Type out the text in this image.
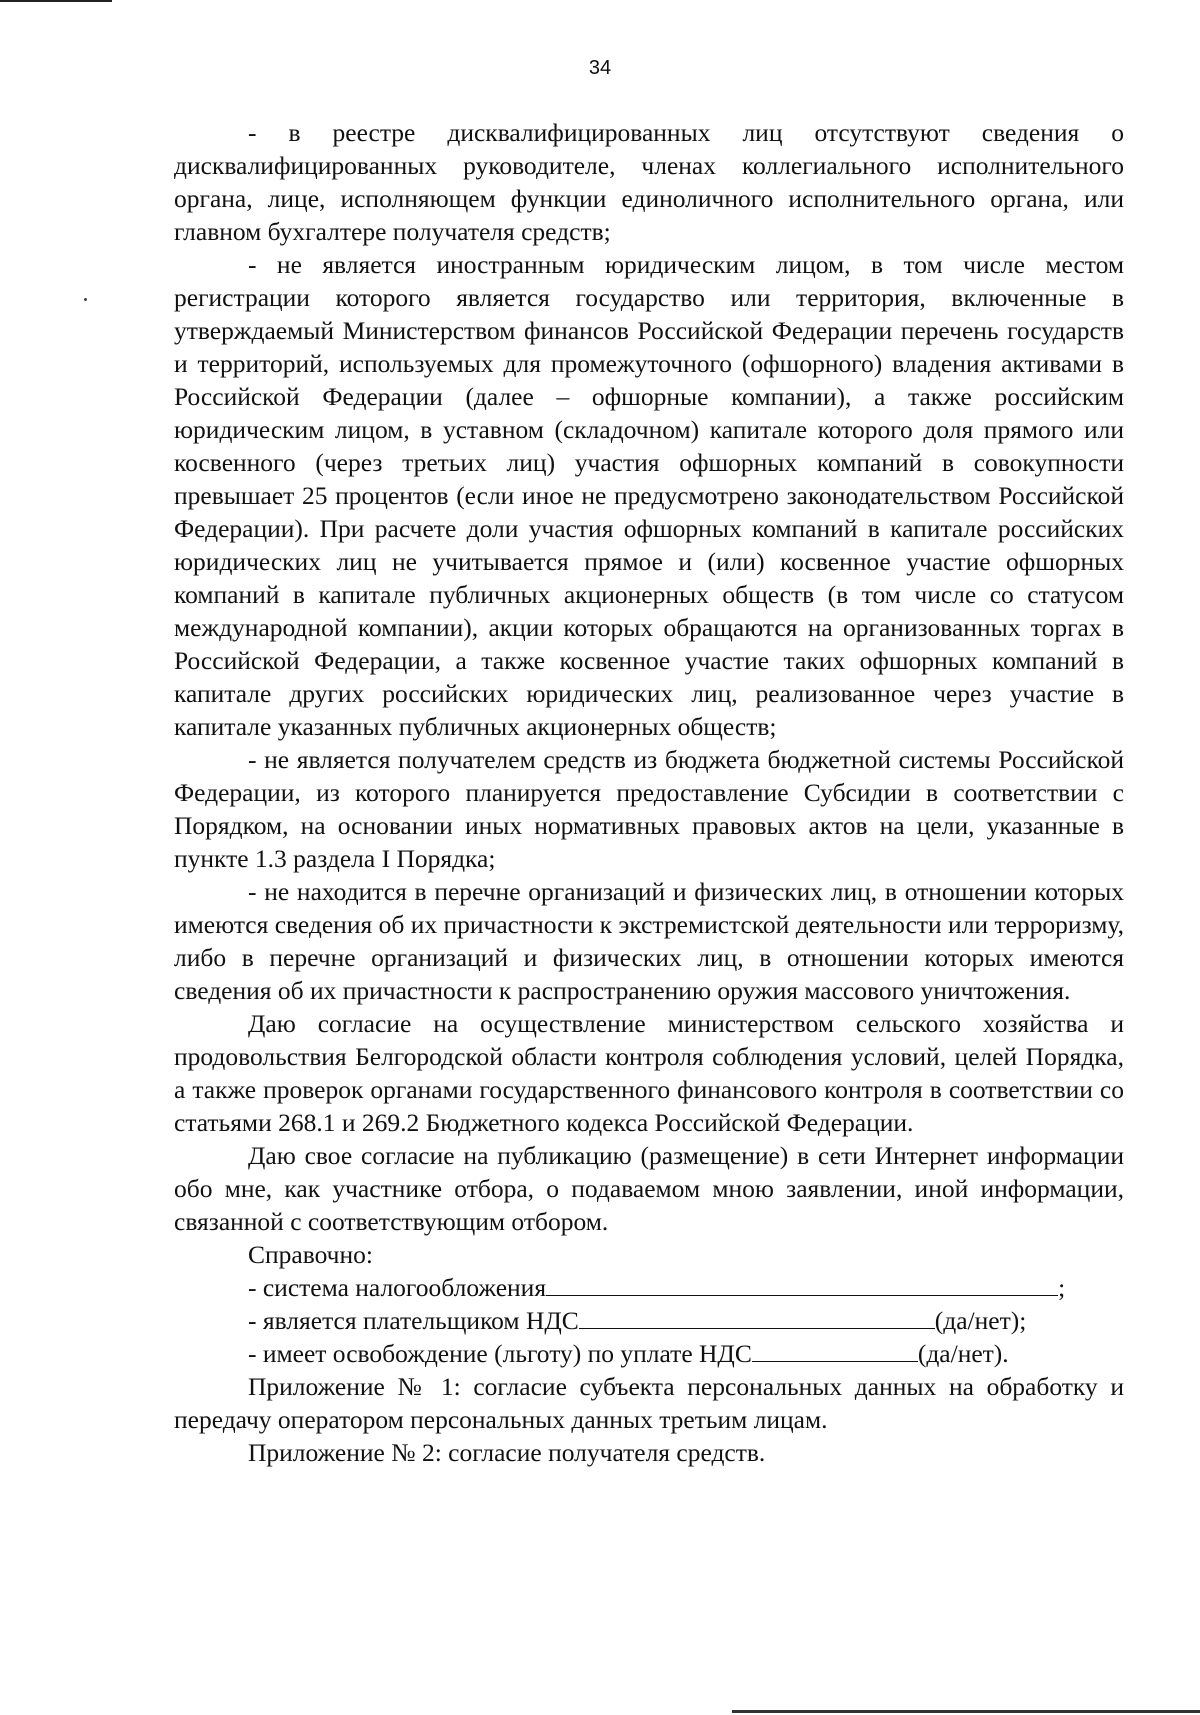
34

- в реестре дисквалифицированных лиц отсутствуют сведения о дисквалифицированных руководителе, членах коллегиального исполнительного органа, лице, исполняющем функции единоличного исполнительного органа, или главном бухгалтере получателя средств;

- не является иностранным юридическим лицом, в том числе местом регистрации которого является государство или территория, включенные в утверждаемый Министерством финансов Российской Федерации перечень государств и территорий, используемых для промежуточного (офшорного) владения активами в Российской Федерации (далее – офшорные компании), а также российским юридическим лицом, в уставном (складочном) капитале которого доля прямого или косвенного (через третьих лиц) участия офшорных компаний в совокупности превышает 25 процентов (если иное не предусмотрено законодательством Российской Федерации). При расчете доли участия офшорных компаний в капитале российских юридических лиц не учитывается прямое и (или) косвенное участие офшорных компаний в капитале публичных акционерных обществ (в том числе со статусом международной компании), акции которых обращаются на организованных торгах в Российской Федерации, а также косвенное участие таких офшорных компаний в капитале других российских юридических лиц, реализованное через участие в капитале указанных публичных акционерных обществ;

- не является получателем средств из бюджета бюджетной системы Российской Федерации, из которого планируется предоставление Субсидии в соответствии с Порядком, на основании иных нормативных правовых актов на цели, указанные в пункте 1.3 раздела I Порядка;

- не находится в перечне организаций и физических лиц, в отношении которых имеются сведения об их причастности к экстремистской деятельности или терроризму, либо в перечне организаций и физических лиц, в отношении которых имеются сведения об их причастности к распространению оружия массового уничтожения.

Даю согласие на осуществление министерством сельского хозяйства и продовольствия Белгородской области контроля соблюдения условий, целей Порядка, а также проверок органами государственного финансового контроля в соответствии со статьями 268.1 и 269.2 Бюджетного кодекса Российской Федерации.

Даю свое согласие на публикацию (размещение) в сети Интернет информации обо мне, как участнике отбора, о подаваемом мною заявлении, иной информации, связанной с соответствующим отбором.

Справочно:

- система налогообложения	;

- является плательщиком НДС	(да/нет);

- имеет освобождение (льготу) по уплате НДС	(да/нет).

Приложение № 1: согласие субъекта персональных данных на обработку и передачу оператором персональных данных третьим лицам.

Приложение № 2: согласие получателя средств.
